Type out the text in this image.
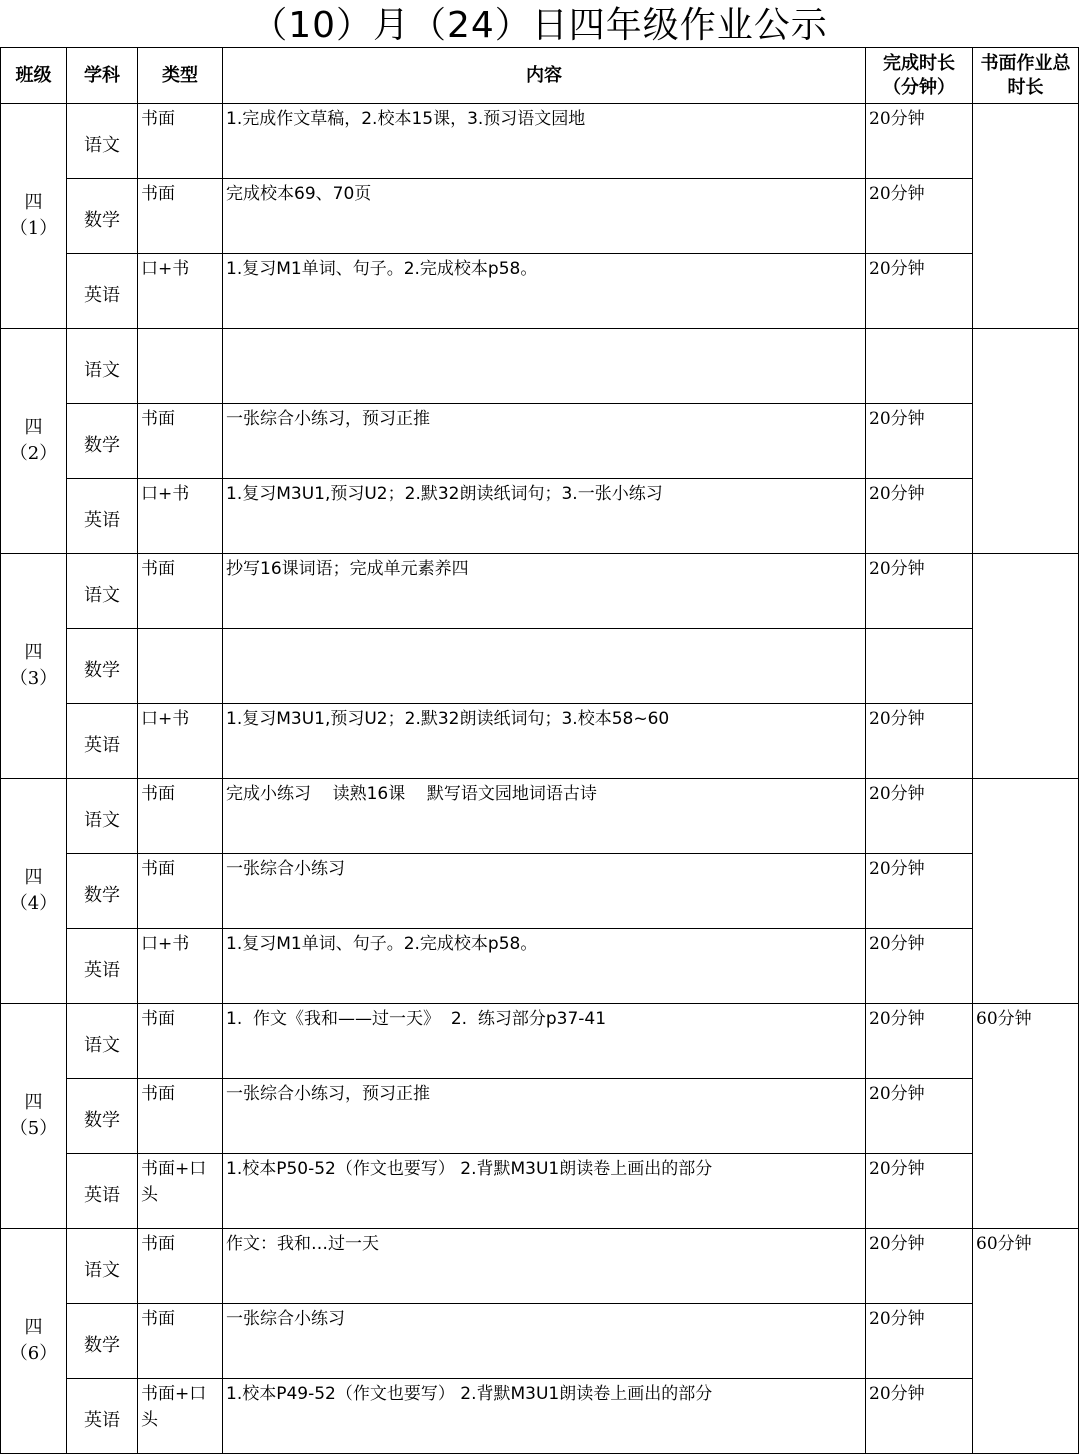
（10）月（24）日四年级作业公示
班级	学科	类型	内容	完成时长（分钟）	书面作业总时长
四
（1）	语文	书面	1.完成作文草稿，2.校本15课，3.预习语文园地	20分钟	
	数学	书面	完成校本69、70页	20分钟	
	英语	口+书	1.复习M1单词、句子。2.完成校本p58。	20分钟	
四
（2）	语文				
	数学	书面	一张综合小练习，预习正推	20分钟	
	英语	口+书	1.复习M3U1,预习U2；2.默32朗读纸词句；3.一张小练习	20分钟	
四
（3）	语文	书面	抄写16课词语；完成单元素养四	20分钟	
	数学				
	英语	口+书	1.复习M3U1,预习U2；2.默32朗读纸词句；3.校本58~60	20分钟	
四
（4）	语文	书面	完成小练习    读熟16课    默写语文园地词语古诗	20分钟	
	数学	书面	一张综合小练习	20分钟	
	英语	口+书	1.复习M1单词、句子。2.完成校本p58。	20分钟	
四
（5）	语文	书面	1.  作文《我和——过一天》  2.  练习部分p37-41	20分钟	60分钟
	数学	书面	一张综合小练习，预习正推	20分钟	
	英语	书面+口头	1.校本P50-52（作文也要写） 2.背默M3U1朗读卷上画出的部分	20分钟	
四
（6）	语文	书面	作文：我和…过一天	20分钟	60分钟
	数学	书面	一张综合小练习	20分钟	
	英语	书面+口头	1.校本P49-52（作文也要写） 2.背默M3U1朗读卷上画出的部分	20分钟	
